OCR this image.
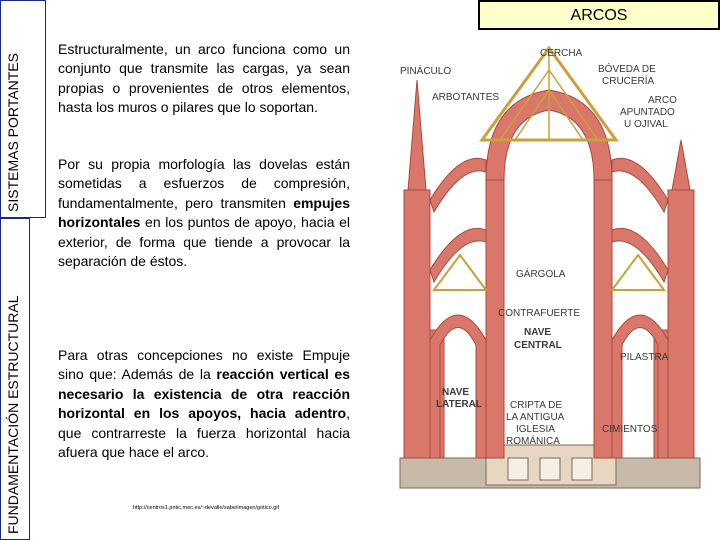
SISTEMAS PORTANTES
FUNDAMENTACIÓN ESTRUCTURAL
ARCOS
Estructuralmente, un arco funciona como un conjunto que transmite las cargas, ya sean propias o provenientes de otros elementos, hasta los muros o pilares que lo soportan.
Por su propia morfología las dovelas están sometidas a esfuerzos de compresión, fundamentalmente, pero transmiten empujes horizontales en los puntos de apoyo, hacia el exterior, de forma que tiende a provocar la separación de éstos.
Para otras concepciones no existe Empuje sino que: Además de la reacción vertical es necesario la existencia de otra reacción horizontal en los apoyos, hacia adentro, que contrarreste la fuerza horizontal hacia afuera que hace el arco.
http://centros1.pntic.mec.es/~devalle/sabe/imagen/gotico.gif
CERCHA
PINÁCULO	BÓVEDA DE
CRUCERÍA
ARBOTANTES	ARCO
APUNTADO
U OJIVAL
GÁRGOLA
CONTRAFUERTE
NAVE
CENTRAL
PILASTRA
NAVE
LATERAL	CRIPTA DE
LA ANTIGUA
IGLESIA
ROMÁNICA
CIMIENTOS
